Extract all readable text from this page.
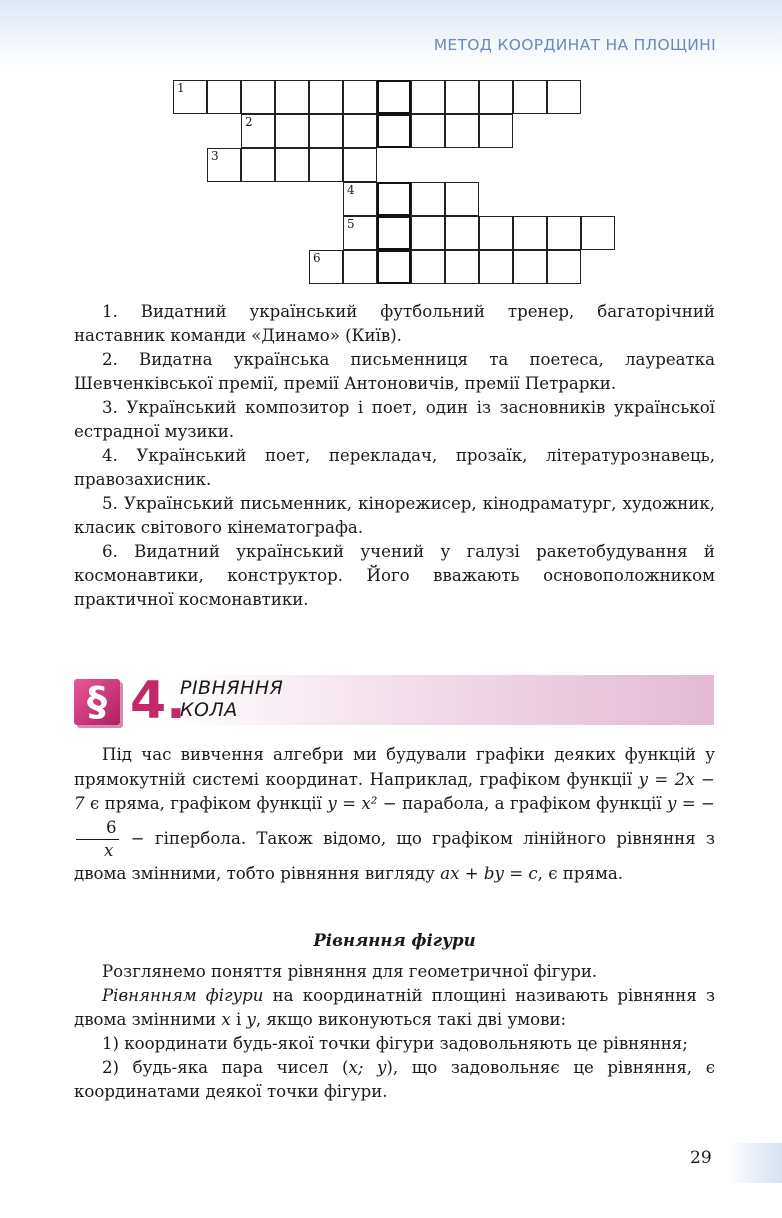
МЕТОД КООРДИНАТ НА ПЛОЩИНІ
1
2
3
4
5
6

1. Видатний український футбольний тренер, багаторічний наставник команди «Динамо» (Київ).

2. Видатна українська письменниця та поетеса, лауреатка Шевченківської премії, премії Антоновичів, премії Петрарки.

3. Український композитор і поет, один із засновників української естрадної музики.

4. Український поет, перекладач, прозаїк, літературознавець, правозахисник.

5. Український письменник, кінорежисер, кінодраматург, художник, класик світового кінематографа.

6. Видатний український учений у галузі ракетобудування й космонавтики, конструктор. Його вважають основоположником практичної космонавтики.

§ 4.
РІВНЯННЯ
КОЛА

Під час вивчення алгебри ми будували графіки деяких функцій у прямокутній системі координат. Наприклад, графіком функції y = 2x − 7 є пряма, графіком функції y = x² − парабола, а графіком функції y = −
$\frac{6}{x}$ − гіпербола. Також відомо, що графіком лінійного рівняння з двома змінними, тобто рівняння вигляду ax + by = c, є пряма.

Рівняння фігури

Розглянемо поняття рівняння для геометричної фігури.

Рівнянням фігури на координатній площині називають рівняння з двома змінними x і y, якщо виконуються такі дві умови:

1) координати будь-якої точки фігури задовольняють це рівняння;

2) будь-яка пара чисел (x; y), що задовольняє це рівняння, є координатами деякої точки фігури.

29
